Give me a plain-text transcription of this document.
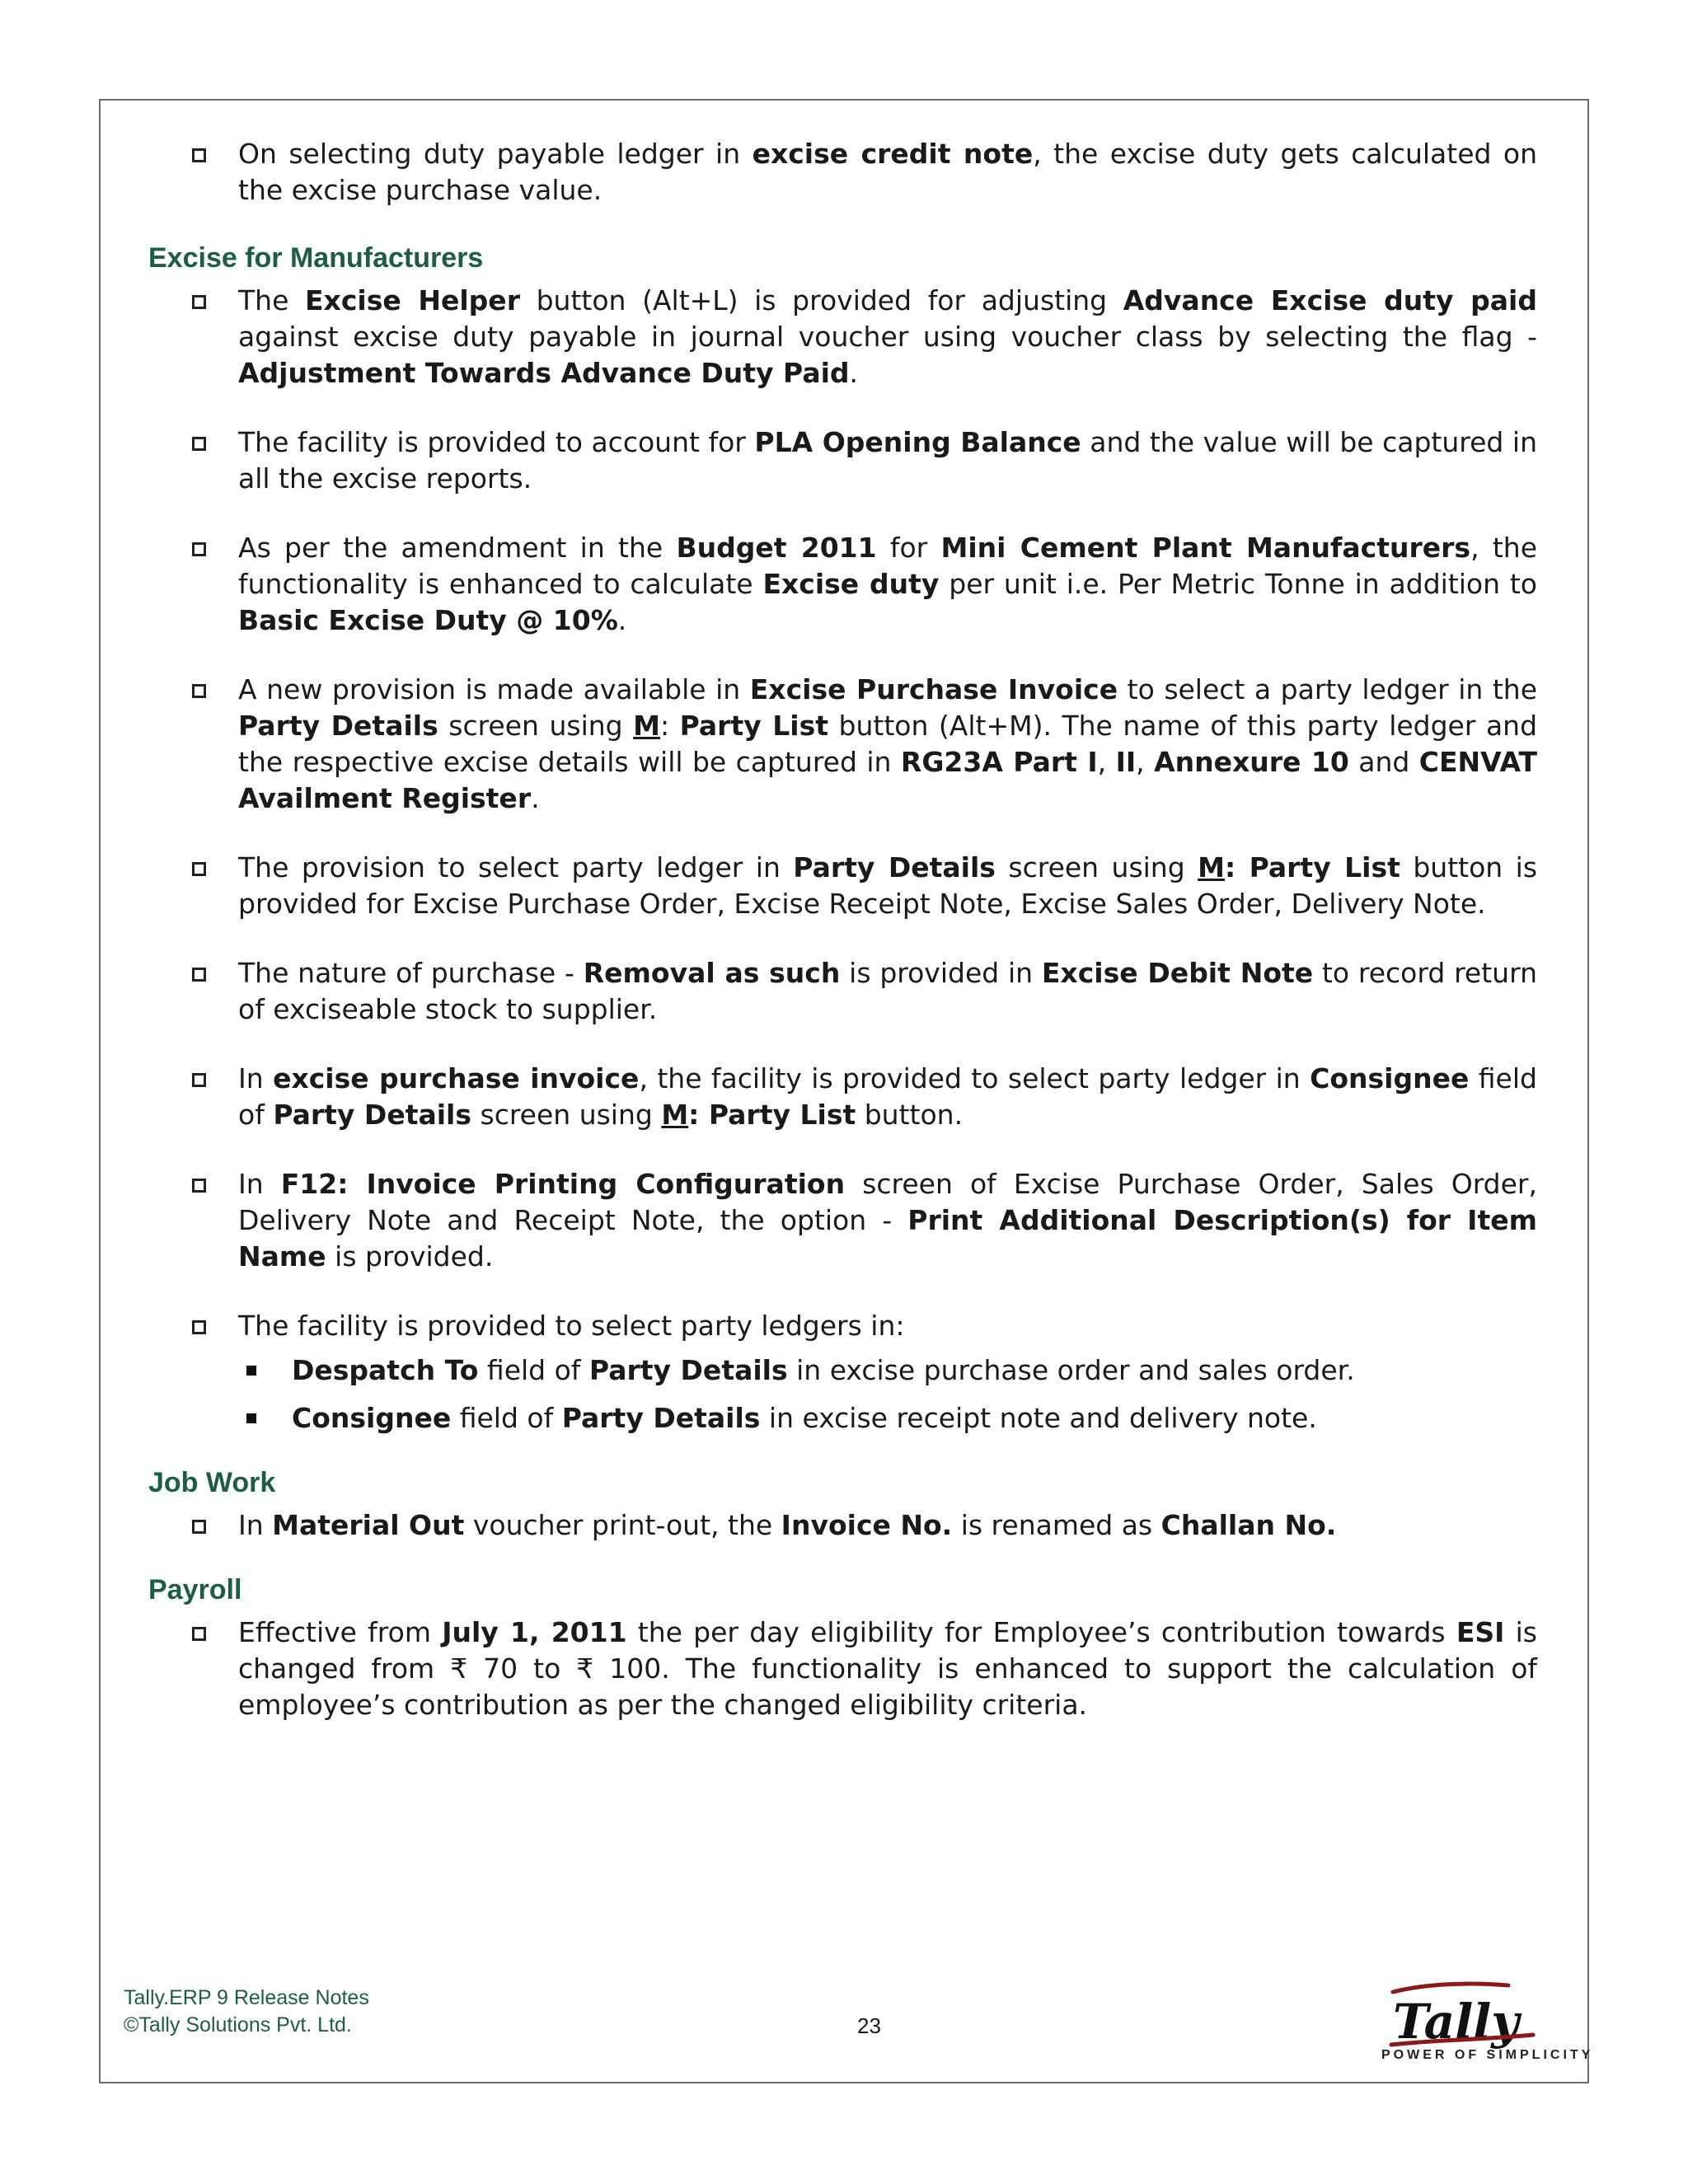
On selecting duty payable ledger in excise credit note, the excise duty gets calculated on the excise purchase value.
Excise for Manufacturers
The Excise Helper button (Alt+L) is provided for adjusting Advance Excise duty paid against excise duty payable in journal voucher using voucher class by selecting the flag - Adjustment Towards Advance Duty Paid.
The facility is provided to account for PLA Opening Balance and the value will be captured in all the excise reports.
As per the amendment in the Budget 2011 for Mini Cement Plant Manufacturers, the functionality is enhanced to calculate Excise duty per unit i.e. Per Metric Tonne in addition to Basic Excise Duty @ 10%.
A new provision is made available in Excise Purchase Invoice to select a party ledger in the Party Details screen using M: Party List button (Alt+M). The name of this party ledger and the respective excise details will be captured in RG23A Part I, II, Annexure 10 and CENVAT Availment Register.
The provision to select party ledger in Party Details screen using M: Party List button is provided for Excise Purchase Order, Excise Receipt Note, Excise Sales Order, Delivery Note.
The nature of purchase - Removal as such is provided in Excise Debit Note to record return of exciseable stock to supplier.
In excise purchase invoice, the facility is provided to select party ledger in Consignee field of Party Details screen using M: Party List button.
In F12: Invoice Printing Configuration screen of Excise Purchase Order, Sales Order, Delivery Note and Receipt Note, the option - Print Additional Description(s) for Item Name is provided.
The facility is provided to select party ledgers in:
Despatch To field of Party Details in excise purchase order and sales order.
Consignee field of Party Details in excise receipt note and delivery note.
Job Work
In Material Out voucher print-out, the Invoice No. is renamed as Challan No.
Payroll
Effective from July 1, 2011 the per day eligibility for Employee’s contribution towards ESI is changed from ₹ 70 to ₹ 100. The functionality is enhanced to support the calculation of employee’s contribution as per the changed eligibility criteria.
Tally.ERP 9 Release Notes
©Tally Solutions Pvt. Ltd.	23	Tally
POWER OF SIMPLICITY
